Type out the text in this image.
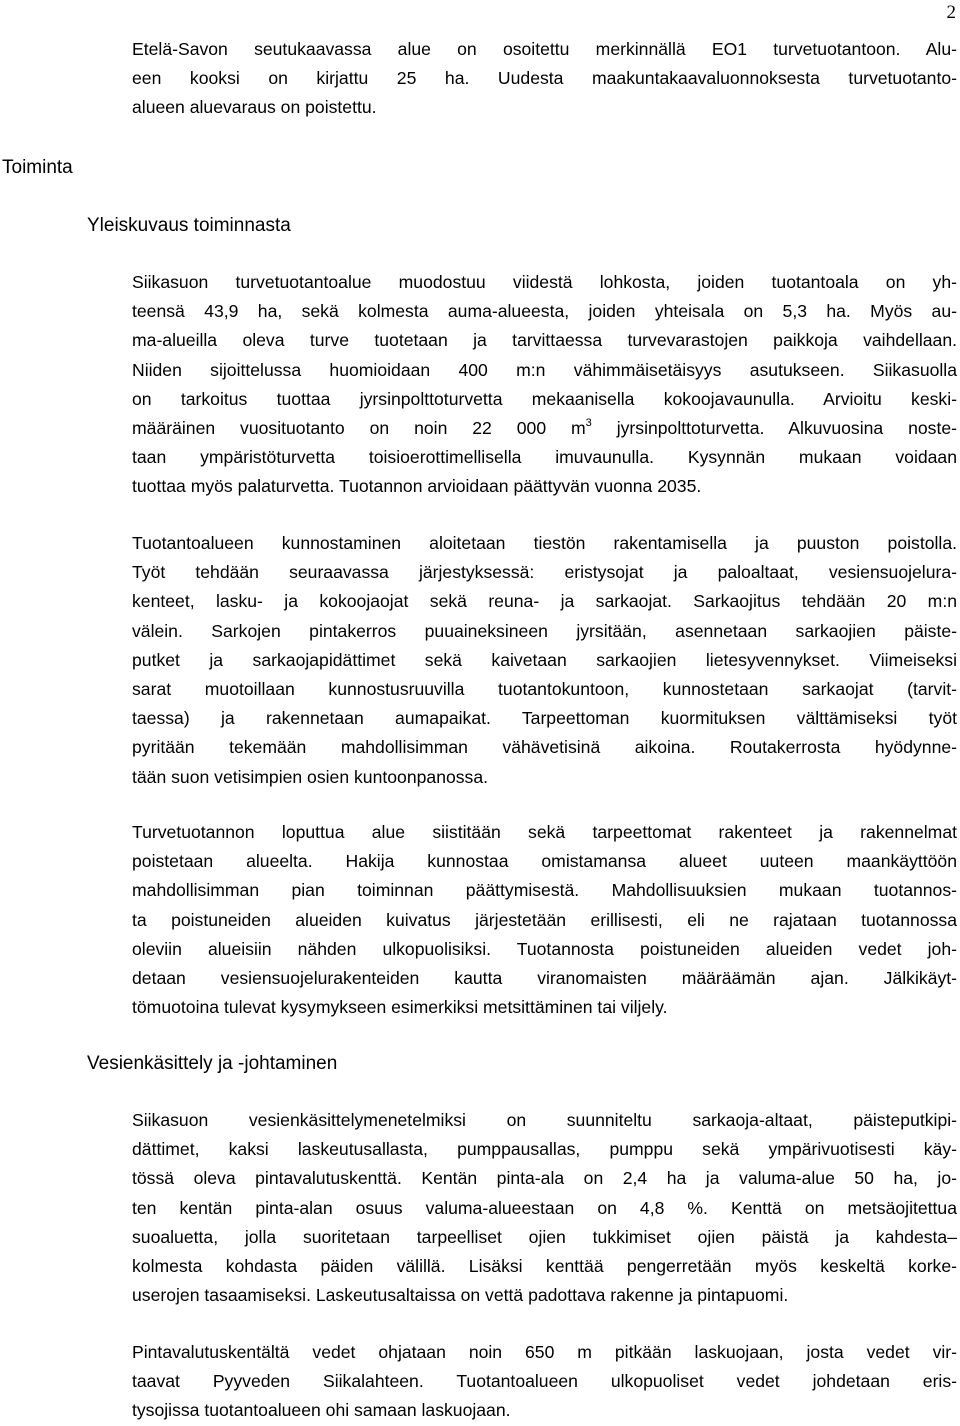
2
Etelä-Savon seutukaavassa alue on osoitettu merkinnällä EO1 turvetuotantoon. Alu-
een kooksi on kirjattu 25 ha. Uudesta maakuntakaavaluonnoksesta turvetuotanto-
alueen aluevaraus on poistettu.
Toiminta
Yleiskuvaus toiminnasta
Siikasuon turvetuotantoalue muodostuu viidestä lohkosta, joiden tuotantoala on yh-
teensä 43,9 ha, sekä kolmesta auma-alueesta, joiden yhteisala on 5,3 ha. Myös au-
ma-alueilla oleva turve tuotetaan ja tarvittaessa turvevarastojen paikkoja vaihdellaan.
Niiden sijoittelussa huomioidaan 400 m:n vähimmäisetäisyys asutukseen. Siikasuolla
on tarkoitus tuottaa jyrsinpolttoturvetta mekaanisella kokoojavaunulla. Arvioitu keski-
määräinen vuosituotanto on noin 22 000 $m^3$ jyrsinpolttoturvetta. Alkuvuosina noste-
taan ympäristöturvetta toisioerottimellisella imuvaunulla. Kysynnän mukaan voidaan
tuottaa myös palaturvetta. Tuotannon arvioidaan päättyvän vuonna 2035.
Tuotantoalueen kunnostaminen aloitetaan tiestön rakentamisella ja puuston poistolla.
Työt tehdään seuraavassa järjestyksessä: eristysojat ja paloaltaat, vesiensuojelura-
kenteet, lasku- ja kokoojaojat sekä reuna- ja sarkaojat. Sarkaojitus tehdään 20 m:n
välein. Sarkojen pintakerros puuaineksineen jyrsitään, asennetaan sarkaojien päiste-
putket ja sarkaojapidättimet sekä kaivetaan sarkaojien lietesyvennykset. Viimeiseksi
sarat muotoillaan kunnostusruuvilla tuotantokuntoon, kunnostetaan sarkaojat (tarvit-
taessa) ja rakennetaan aumapaikat. Tarpeettoman kuormituksen välttämiseksi työt
pyritään tekemään mahdollisimman vähävetisinä aikoina. Routakerrosta hyödynne-
tään suon vetisimpien osien kuntoonpanossa.
Turvetuotannon loputtua alue siistitään sekä tarpeettomat rakenteet ja rakennelmat
poistetaan alueelta. Hakija kunnostaa omistamansa alueet uuteen maankäyttöön
mahdollisimman pian toiminnan päättymisestä. Mahdollisuuksien mukaan tuotannos-
ta poistuneiden alueiden kuivatus järjestetään erillisesti, eli ne rajataan tuotannossa
oleviin alueisiin nähden ulkopuolisiksi. Tuotannosta poistuneiden alueiden vedet joh-
detaan vesiensuojelurakenteiden kautta viranomaisten määräämän ajan. Jälkikäyt-
tömuotoina tulevat kysymykseen esimerkiksi metsittäminen tai viljely.
Vesienkäsittely ja -johtaminen
Siikasuon vesienkäsittelymenetelmiksi on suunniteltu sarkaoja-altaat, päisteputkipi-
dättimet, kaksi laskeutusallasta, pumppausallas, pumppu sekä ympärivuotisesti käy-
tössä oleva pintavalutuskenttä. Kentän pinta-ala on 2,4 ha ja valuma-alue 50 ha, jo-
ten kentän pinta-alan osuus valuma-alueestaan on 4,8 %. Kenttä on metsäojitettua
suoaluetta, jolla suoritetaan tarpeelliset ojien tukkimiset ojien päistä ja kahdesta–
kolmesta kohdasta päiden välillä. Lisäksi kenttää pengerretään myös keskeltä korke-
userojen tasaamiseksi. Laskeutusaltaissa on vettä padottava rakenne ja pintapuomi.
Pintavalutuskentältä vedet ohjataan noin 650 m pitkään laskuojaan, josta vedet vir-
taavat Pyyveden Siikalahteen. Tuotantoalueen ulkopuoliset vedet johdetaan eris-
tysojissa tuotantoalueen ohi samaan laskuojaan.
